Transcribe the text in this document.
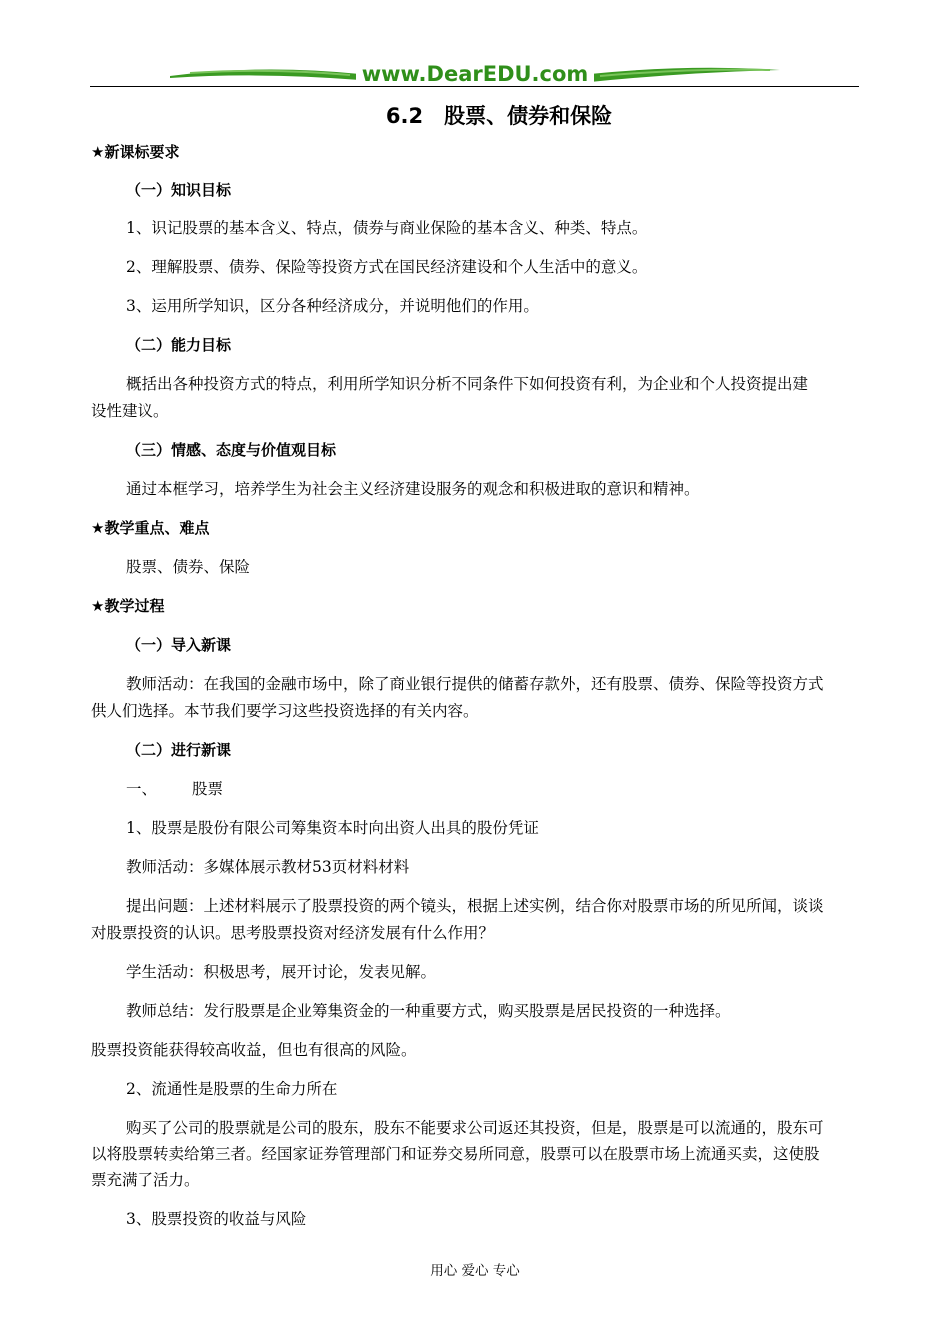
www.DearEDU.com
6.2　股票、债券和保险
★新课标要求
（一）知识目标
1、识记股票的基本含义、特点，债券与商业保险的基本含义、种类、特点。
2、理解股票、债券、保险等投资方式在国民经济建设和个人生活中的意义。
3、运用所学知识，区分各种经济成分，并说明他们的作用。
（二）能力目标
概括出各种投资方式的特点，利用所学知识分析不同条件下如何投资有利，为企业和个人投资提出建
设性建议。
（三）情感、态度与价值观目标
通过本框学习，培养学生为社会主义经济建设服务的观念和积极进取的意识和精神。
★教学重点、难点
股票、债券、保险
★教学过程
（一）导入新课
教师活动：在我国的金融市场中，除了商业银行提供的储蓄存款外，还有股票、债券、保险等投资方式
供人们选择。本节我们要学习这些投资选择的有关内容。
（二）进行新课
一、 股票
1、股票是股份有限公司筹集资本时向出资人出具的股份凭证
教师活动：多媒体展示教材53页材料材料
提出问题：上述材料展示了股票投资的两个镜头，根据上述实例，结合你对股票市场的所见所闻，谈谈
对股票投资的认识。思考股票投资对经济发展有什么作用？
学生活动：积极思考，展开讨论，发表见解。
教师总结：发行股票是企业筹集资金的一种重要方式，购买股票是居民投资的一种选择。
股票投资能获得较高收益，但也有很高的风险。
2、流通性是股票的生命力所在
购买了公司的股票就是公司的股东，股东不能要求公司返还其投资，但是，股票是可以流通的，股东可
以将股票转卖给第三者。经国家证券管理部门和证券交易所同意，股票可以在股票市场上流通买卖，这使股
票充满了活力。
3、股票投资的收益与风险
用心 爱心 专心
